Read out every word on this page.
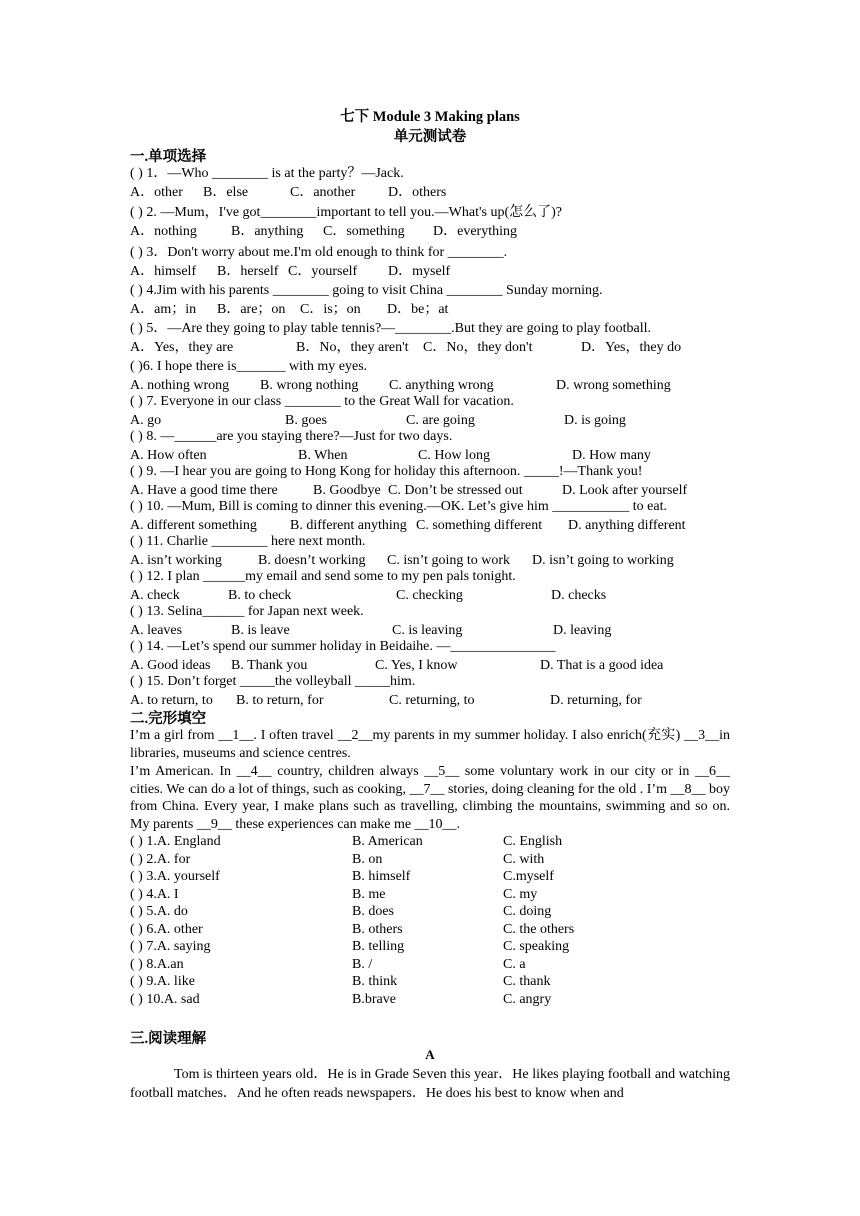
七下 Module 3 Making plans
单元测试卷
一.单项选择
( ) 1．—Who ________ is at the party？—Jack.
A．other B．else	C．another D．others
( ) 2. —Mum，I've got________important to tell you.—What's up(怎么了)?
A．nothing B．anything C．something D．everything
( ) 3．Don't worry about me.I'm old enough to think for ________.
A．himself B．herself C．yourself D．myself
( ) 4.Jim with his parents ________ going to visit China ________ Sunday morning.
A．am；in B．are；on C．is；on D．be；at
( ) 5．—Are they going to play table tennis?—________.But they are going to play football.
A．Yes，they are	B．No，they aren't C．No，they don't	D．Yes，they do
( )6. I hope there is_______ with my eyes.
A. nothing wrong B. wrong nothing C. anything wrong	D. wrong something
( ) 7. Everyone in our class ________ to the Great Wall for vacation.
A. go	B. goes	C. are going	D. is going
( ) 8. —______are you staying there?—Just for two days.
A. How often	B. When	C. How long	D. How many
( ) 9. —I hear you are going to Hong Kong for holiday this afternoon. _____!—Thank you!
A. Have a good time there	B. Goodbye C. Don’t be stressed out	D. Look after yourself
( ) 10. —Mum, Bill is coming to dinner this evening.—OK. Let’s give him ___________ to eat.
A. different something B. different anything C. something different D. anything different
( ) 11. Charlie ________ here next month.
A. isn’t working	B. doesn’t working C. isn’t going to work D. isn’t going to working
( ) 12. I plan ______my email and send some to my pen pals tonight.
A. check	B. to check	C. checking	D. checks
( ) 13. Selina______ for Japan next week.
A. leaves	B. is leave	C. is leaving	D. leaving
( ) 14. —Let’s spend our summer holiday in Beidaihe. —_______________
A. Good ideas B. Thank you	C. Yes, I know	D. That is a good idea
( ) 15. Don’t forget _____the volleyball _____him.
A. to return, to B. to return, for	C. returning, to	D. returning, for
二.完形填空
I’m a girl from __1__. I often travel __2__my parents in my summer holiday. I also enrich(充实) __3__in libraries, museums and science centres.
I’m American. In __4__ country, children always __5__ some voluntary work in our city or in __6__ cities. We can do a lot of things, such as cooking, __7__ stories, doing cleaning for the old . I’m __8__ boy from China. Every year, I make plans such as travelling, climbing the mountains, swimming and so on. My parents __9__ these experiences can make me __10__.
( ) 1.A. England	B. American	C. English
( ) 2.A. for	B. on	C. with
( ) 3.A. yourself	B. himself	C.myself
( ) 4.A. I	B. me	C. my
( ) 5.A. do	B. does	C. doing
( ) 6.A. other	B. others	C. the others
( ) 7.A. saying	B. telling	C. speaking
( ) 8.A.an	B. /	C. a
( ) 9.A. like	B. think	C. thank
( ) 10.A. sad	B.brave	C. angry
三.阅读理解
A
Tom is thirteen years old．He is in Grade Seven this year．He likes playing football and watching football matches．And he often reads newspapers．He does his best to know when and
